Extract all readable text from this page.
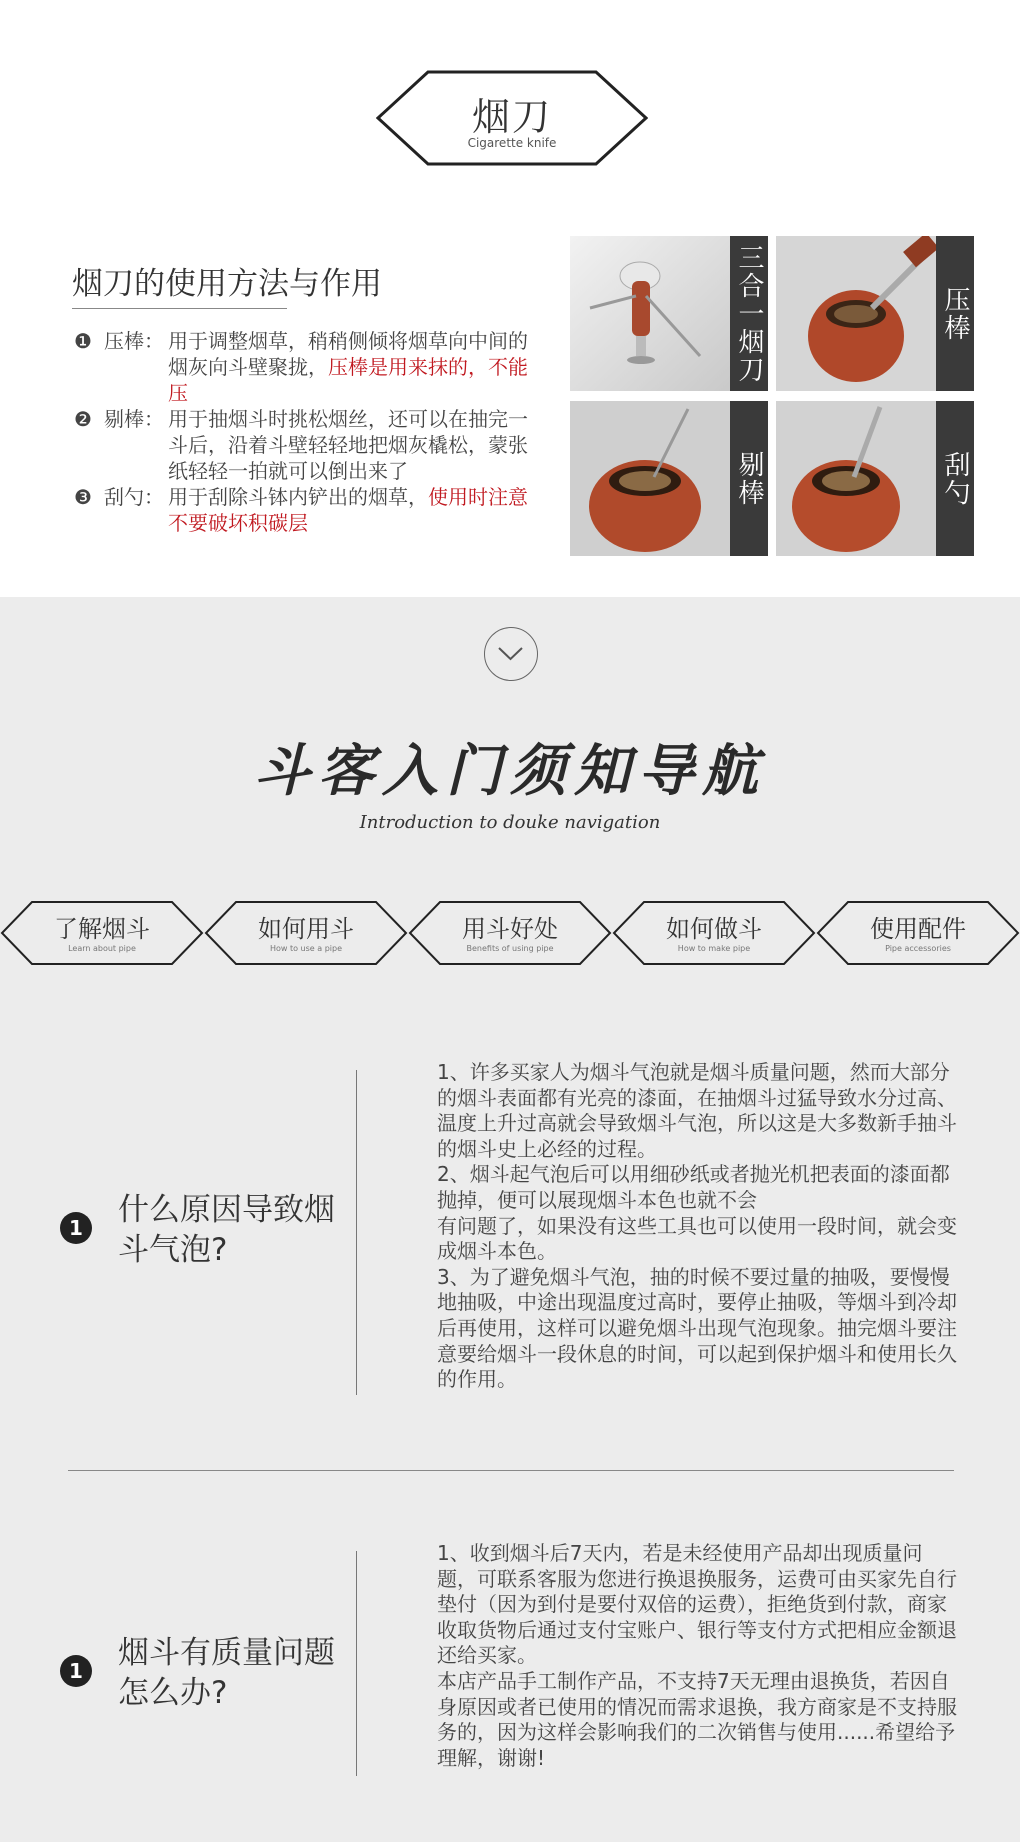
烟刀
Cigarette knife
烟刀的使用方法与作用
❶ 压棒： 用于调整烟草，稍稍侧倾将烟草向中间的烟灰向斗壁聚拢，压棒是用来抹的，不能压
❷ 剔棒： 用于抽烟斗时挑松烟丝，还可以在抽完一斗后，沿着斗壁轻轻地把烟灰橇松，蒙张纸轻轻一拍就可以倒出来了
❸ 刮勺： 用于刮除斗钵内铲出的烟草，使用时注意不要破坏积碳层
三合一烟刀	压棒
剔棒	刮勺
斗客入门须知导航
Introduction to douke navigation
了解烟斗
Learn about pipe
如何用斗
How to use a pipe
用斗好处
Benefits of using pipe
如何做斗
How to make pipe
使用配件
Pipe accessories
1 什么原因导致烟斗气泡?
1、许多买家人为烟斗气泡就是烟斗质量问题，然而大部分的烟斗表面都有光亮的漆面，在抽烟斗过猛导致水分过高、温度上升过高就会导致烟斗气泡，所以这是大多数新手抽斗的烟斗史上必经的过程。
2、烟斗起气泡后可以用细砂纸或者抛光机把表面的漆面都抛掉，便可以展现烟斗本色也就不会
有问题了，如果没有这些工具也可以使用一段时间，就会变成烟斗本色。
3、为了避免烟斗气泡，抽的时候不要过量的抽吸，要慢慢地抽吸，中途出现温度过高时，要停止抽吸，等烟斗到冷却后再使用，这样可以避免烟斗出现气泡现象。抽完烟斗要注意要给烟斗一段休息的时间，可以起到保护烟斗和使用长久的作用。
1 烟斗有质量问题怎么办?
1、收到烟斗后7天内，若是未经使用产品却出现质量问题，可联系客服为您进行换退换服务，运费可由买家先自行垫付（因为到付是要付双倍的运费），拒绝货到付款，商家收取货物后通过支付宝账户、银行等支付方式把相应金额退还给买家。
本店产品手工制作产品，不支持7天无理由退换货，若因自身原因或者已使用的情况而需求退换，我方商家是不支持服务的，因为这样会影响我们的二次销售与使用......希望给予理解，谢谢!
